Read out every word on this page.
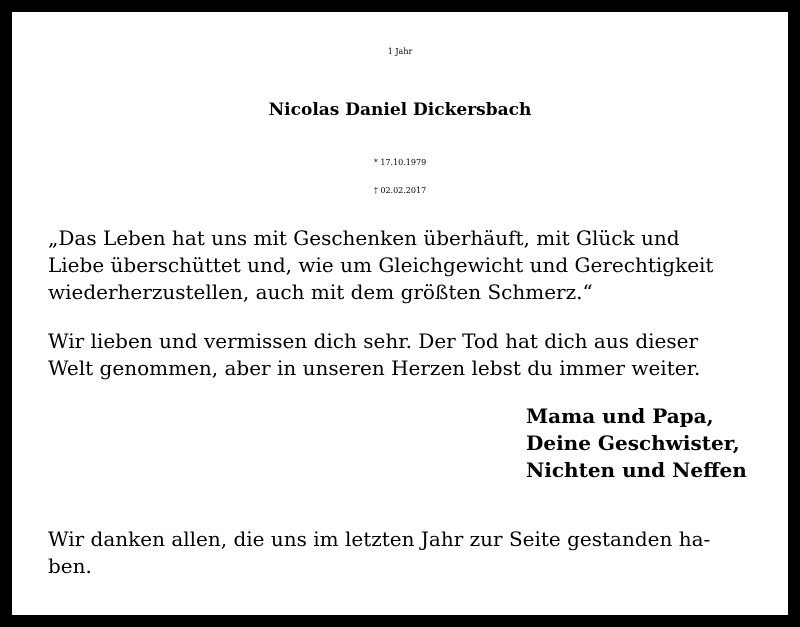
1 Jahr
Nicolas Daniel Dickersbach
* 17.10.1979
† 02.02.2017
„Das Leben hat uns mit Geschenken überhäuft, mit Glück und
Liebe überschüttet und, wie um Gleichgewicht und Gerechtigkeit
wiederherzustellen, auch mit dem größten Schmerz.“
Wir lieben und vermissen dich sehr. Der Tod hat dich aus dieser
Welt genommen, aber in unseren Herzen lebst du immer weiter.
Mama und Papa,
Deine Geschwister,
Nichten und Neffen
Wir danken allen, die uns im letzten Jahr zur Seite gestanden ha-
ben.
